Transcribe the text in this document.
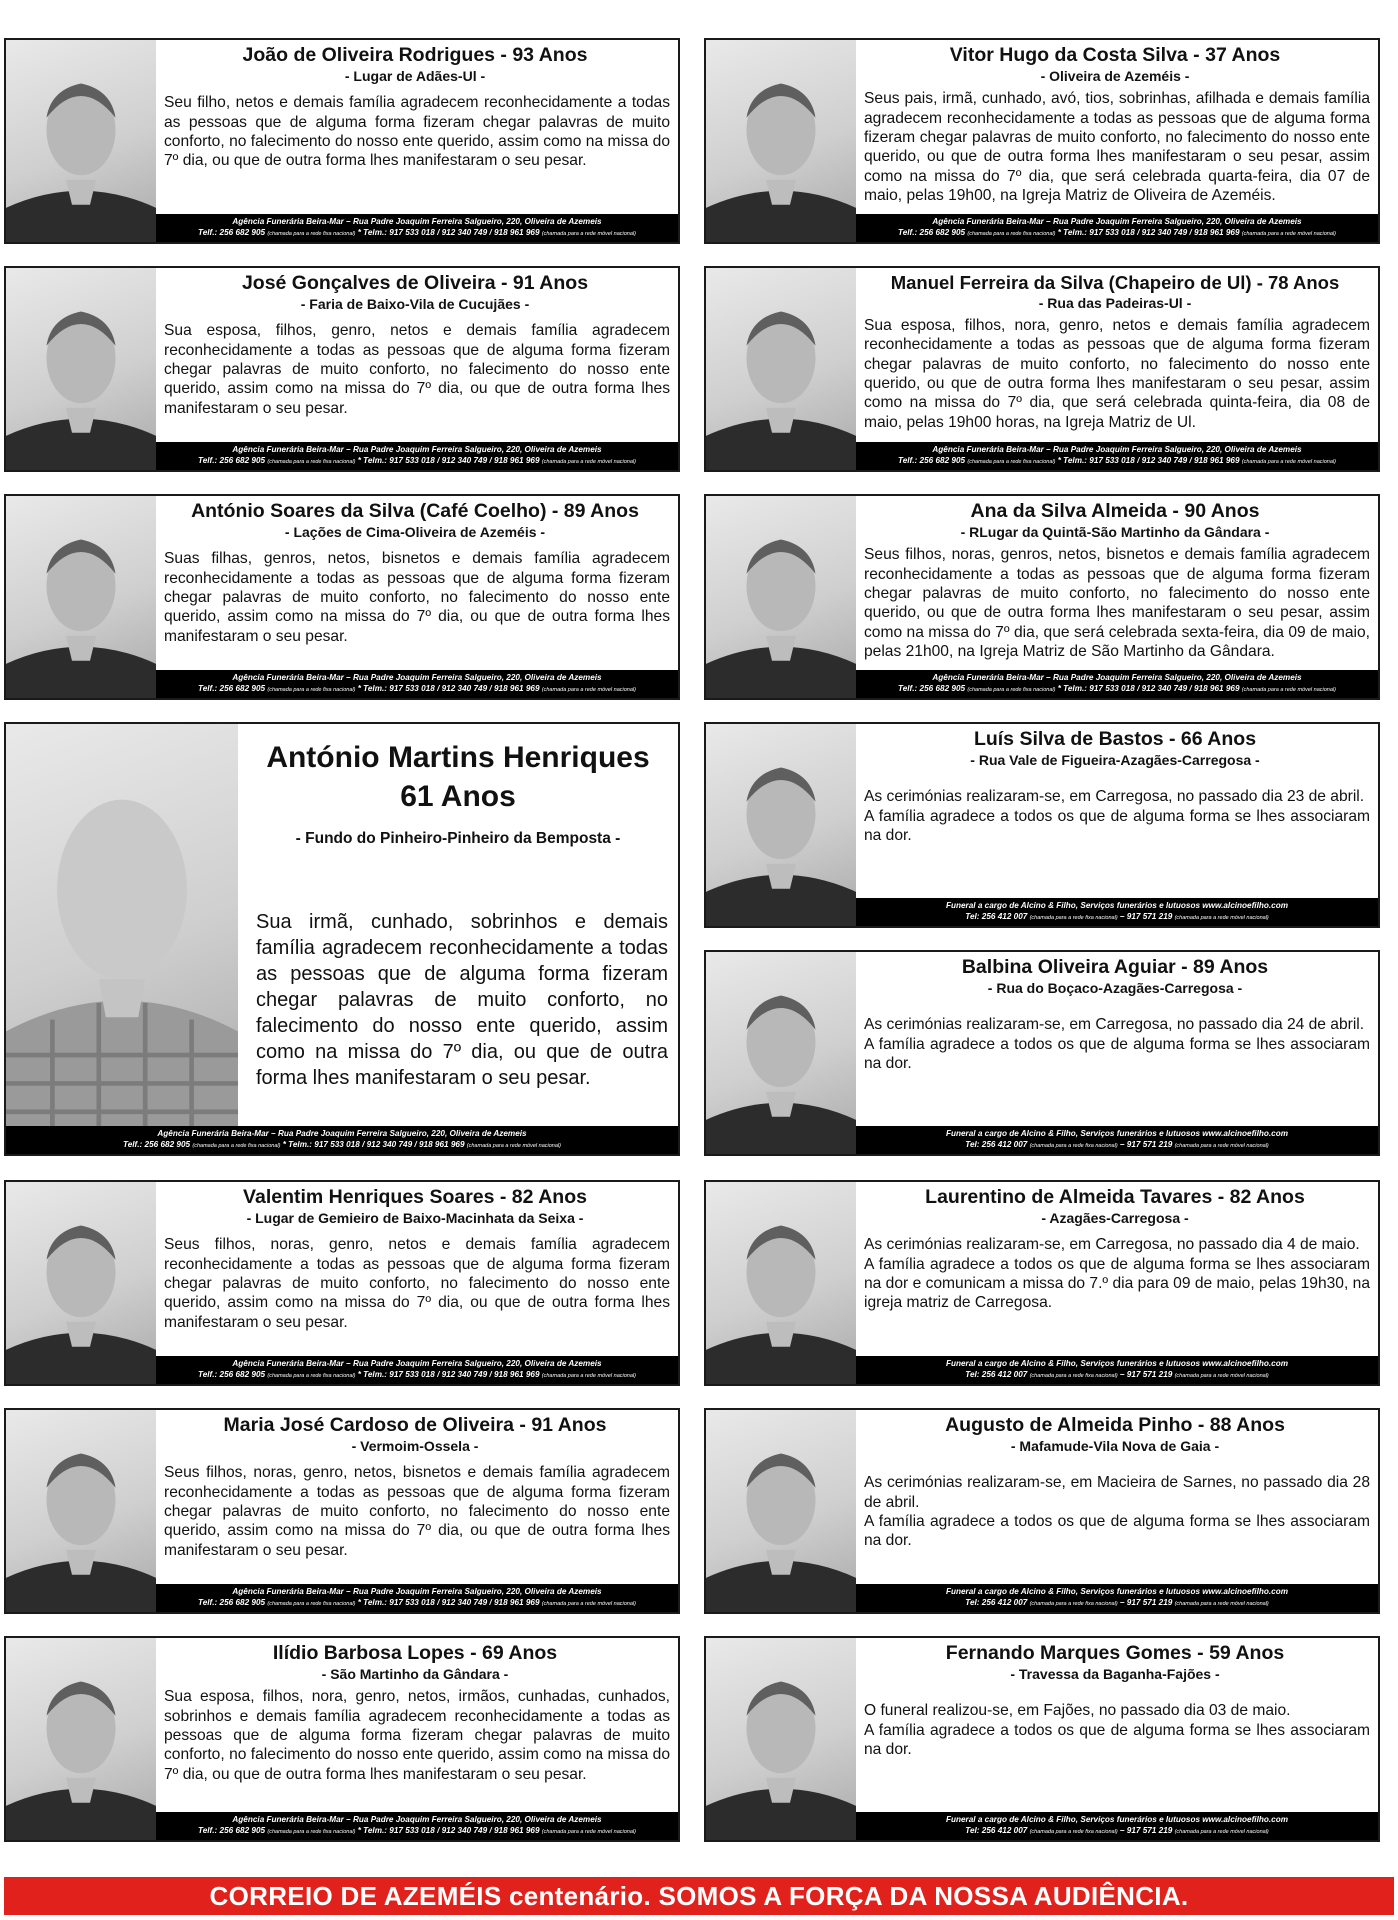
João de Oliveira Rodrigues - 93 Anos
- Lugar de Adães-Ul -
Seu filho, netos e demais família agradecem reconhecidamente a todas as pessoas que de alguma forma fizeram chegar palavras de muito conforto, no falecimento do nosso ente querido, assim como na missa do 7º dia, ou que de outra forma lhes manifestaram o seu pesar.
Agência Funerária Beira-Mar – Rua Padre Joaquim Ferreira Salgueiro, 220, Oliveira de Azemeis
Telf.: 256 682 905 (chamada para a rede fixa nacional) * Telm.: 917 533 018 / 912 340 749 / 918 961 969 (chamada para a rede móvel nacional)
José Gonçalves de Oliveira - 91 Anos
- Faria de Baixo-Vila de Cucujães -
Sua esposa, filhos, genro, netos e demais família agradecem reconhecidamente a todas as pessoas que de alguma forma fizeram chegar palavras de muito conforto, no falecimento do nosso ente querido, assim como na missa do 7º dia, ou que de outra forma lhes manifestaram o seu pesar.
Agência Funerária Beira-Mar – Rua Padre Joaquim Ferreira Salgueiro, 220, Oliveira de Azemeis
Telf.: 256 682 905 (chamada para a rede fixa nacional) * Telm.: 917 533 018 / 912 340 749 / 918 961 969 (chamada para a rede móvel nacional)
António Soares da Silva (Café Coelho) - 89 Anos
- Lações de Cima-Oliveira de Azeméis -
Suas filhas, genros, netos, bisnetos e demais família agradecem reconhecidamente a todas as pessoas que de alguma forma fizeram chegar palavras de muito conforto, no falecimento do nosso ente querido, assim como na missa do 7º dia, ou que de outra forma lhes manifestaram o seu pesar.
Agência Funerária Beira-Mar – Rua Padre Joaquim Ferreira Salgueiro, 220, Oliveira de Azemeis
Telf.: 256 682 905 (chamada para a rede fixa nacional) * Telm.: 917 533 018 / 912 340 749 / 918 961 969 (chamada para a rede móvel nacional)
António Martins Henriques
61 Anos
- Fundo do Pinheiro-Pinheiro da Bemposta -
Sua irmã, cunhado, sobrinhos e demais família agradecem reconhecidamente a todas as pessoas que de alguma forma fizeram chegar palavras de muito conforto, no falecimento do nosso ente querido, assim como na missa do 7º dia, ou que de outra forma lhes manifestaram o seu pesar.
Agência Funerária Beira-Mar – Rua Padre Joaquim Ferreira Salgueiro, 220, Oliveira de Azemeis
Telf.: 256 682 905 (chamada para a rede fixa nacional) * Telm.: 917 533 018 / 912 340 749 / 918 961 969 (chamada para a rede móvel nacional)
Valentim Henriques Soares - 82 Anos
- Lugar de Gemieiro de Baixo-Macinhata da Seixa -
Seus filhos, noras, genro, netos e demais família agradecem reconhecidamente a todas as pessoas que de alguma forma fizeram chegar palavras de muito conforto, no falecimento do nosso ente querido, assim como na missa do 7º dia, ou que de outra forma lhes manifestaram o seu pesar.
Agência Funerária Beira-Mar – Rua Padre Joaquim Ferreira Salgueiro, 220, Oliveira de Azemeis
Telf.: 256 682 905 (chamada para a rede fixa nacional) * Telm.: 917 533 018 / 912 340 749 / 918 961 969 (chamada para a rede móvel nacional)
Maria José Cardoso de Oliveira - 91 Anos
- Vermoim-Ossela -
Seus filhos, noras, genro, netos, bisnetos e demais família agradecem reconhecidamente a todas as pessoas que de alguma forma fizeram chegar palavras de muito conforto, no falecimento do nosso ente querido, assim como na missa do 7º dia, ou que de outra forma lhes manifestaram o seu pesar.
Agência Funerária Beira-Mar – Rua Padre Joaquim Ferreira Salgueiro, 220, Oliveira de Azemeis
Telf.: 256 682 905 (chamada para a rede fixa nacional) * Telm.: 917 533 018 / 912 340 749 / 918 961 969 (chamada para a rede móvel nacional)
Ilídio Barbosa Lopes - 69 Anos
- São Martinho da Gândara -
Sua esposa, filhos, nora, genro, netos, irmãos, cunhadas, cunhados, sobrinhos e demais família agradecem reconhecidamente a todas as pessoas que de alguma forma fizeram chegar palavras de muito conforto, no falecimento do nosso ente querido, assim como na missa do 7º dia, ou que de outra forma lhes manifestaram o seu pesar.
Agência Funerária Beira-Mar – Rua Padre Joaquim Ferreira Salgueiro, 220, Oliveira de Azemeis
Telf.: 256 682 905 (chamada para a rede fixa nacional) * Telm.: 917 533 018 / 912 340 749 / 918 961 969 (chamada para a rede móvel nacional)
Vitor Hugo da Costa Silva - 37 Anos
- Oliveira de Azeméis -
Seus pais, irmã, cunhado, avó, tios, sobrinhas, afilhada e demais família agradecem reconhecidamente a todas as pessoas que de alguma forma fizeram chegar palavras de muito conforto, no falecimento do nosso ente querido, ou que de outra forma lhes manifestaram o seu pesar, assim como na missa do 7º dia, que será celebrada quarta-feira, dia 07 de maio, pelas 19h00, na Igreja Matriz de Oliveira de Azeméis.
Agência Funerária Beira-Mar – Rua Padre Joaquim Ferreira Salgueiro, 220, Oliveira de Azemeis
Telf.: 256 682 905 (chamada para a rede fixa nacional) * Telm.: 917 533 018 / 912 340 749 / 918 961 969 (chamada para a rede móvel nacional)
Manuel Ferreira da Silva (Chapeiro de Ul) - 78 Anos
- Rua das Padeiras-Ul -
Sua esposa, filhos, nora, genro, netos e demais família agradecem reconhecidamente a todas as pessoas que de alguma forma fizeram chegar palavras de muito conforto, no falecimento do nosso ente querido, ou que de outra forma lhes manifestaram o seu pesar, assim como na missa do 7º dia, que será celebrada quinta-feira, dia 08 de maio, pelas 19h00 horas, na Igreja Matriz de Ul.
Agência Funerária Beira-Mar – Rua Padre Joaquim Ferreira Salgueiro, 220, Oliveira de Azemeis
Telf.: 256 682 905 (chamada para a rede fixa nacional) * Telm.: 917 533 018 / 912 340 749 / 918 961 969 (chamada para a rede móvel nacional)
Ana da Silva Almeida - 90 Anos
- RLugar da Quintã-São Martinho da Gândara -
Seus filhos, noras, genros, netos, bisnetos e demais família agradecem reconhecidamente a todas as pessoas que de alguma forma fizeram chegar palavras de muito conforto, no falecimento do nosso ente querido, ou que de outra forma lhes manifestaram o seu pesar, assim como na missa do 7º dia, que será celebrada sexta-feira, dia 09 de maio, pelas 21h00, na Igreja Matriz de São Martinho da Gândara.
Agência Funerária Beira-Mar – Rua Padre Joaquim Ferreira Salgueiro, 220, Oliveira de Azemeis
Telf.: 256 682 905 (chamada para a rede fixa nacional) * Telm.: 917 533 018 / 912 340 749 / 918 961 969 (chamada para a rede móvel nacional)
Luís Silva de Bastos - 66 Anos
- Rua Vale de Figueira-Azagães-Carregosa -
As cerimónias realizaram-se, em Carregosa, no passado dia 23 de abril.
A família agradece a todos os que de alguma forma se lhes associaram na dor.
Funeral a cargo de Alcino & Filho, Serviços funerários e lutuosos www.alcinoefilho.com
Tel: 256 412 007 (chamada para a rede fixa nacional) – 917 571 219 (chamada para a rede móvel nacional)
Balbina Oliveira Aguiar - 89 Anos
- Rua do Boçaco-Azagães-Carregosa -
As cerimónias realizaram-se, em Carregosa, no passado dia 24 de abril.
A família agradece a todos os que de alguma forma se lhes associaram na dor.
Funeral a cargo de Alcino & Filho, Serviços funerários e lutuosos www.alcinoefilho.com
Tel: 256 412 007 (chamada para a rede fixa nacional) – 917 571 219 (chamada para a rede móvel nacional)
Laurentino de Almeida Tavares - 82 Anos
- Azagães-Carregosa -
As cerimónias realizaram-se, em Carregosa, no passado dia 4 de maio.
A família agradece a todos os que de alguma forma se lhes associaram na dor e comunicam a missa do 7.º dia para 09 de maio, pelas 19h30, na igreja matriz de Carregosa.
Funeral a cargo de Alcino & Filho, Serviços funerários e lutuosos www.alcinoefilho.com
Tel: 256 412 007 (chamada para a rede fixa nacional) – 917 571 219 (chamada para a rede móvel nacional)
Augusto de Almeida Pinho - 88 Anos
- Mafamude-Vila Nova de Gaia -
As cerimónias realizaram-se, em Macieira de Sarnes, no passado dia 28 de abril.
A família agradece a todos os que de alguma forma se lhes associaram na dor.
Funeral a cargo de Alcino & Filho, Serviços funerários e lutuosos www.alcinoefilho.com
Tel: 256 412 007 (chamada para a rede fixa nacional) – 917 571 219 (chamada para a rede móvel nacional)
Fernando Marques Gomes - 59 Anos
- Travessa da Baganha-Fajões -
O funeral realizou-se, em Fajões, no passado dia 03 de maio.
A família agradece a todos os que de alguma forma se lhes associaram na dor.
Funeral a cargo de Alcino & Filho, Serviços funerários e lutuosos www.alcinoefilho.com
Tel: 256 412 007 (chamada para a rede fixa nacional) – 917 571 219 (chamada para a rede móvel nacional)
CORREIO DE AZEMÉIS centenário. SOMOS A FORÇA DA NOSSA AUDIÊNCIA.
